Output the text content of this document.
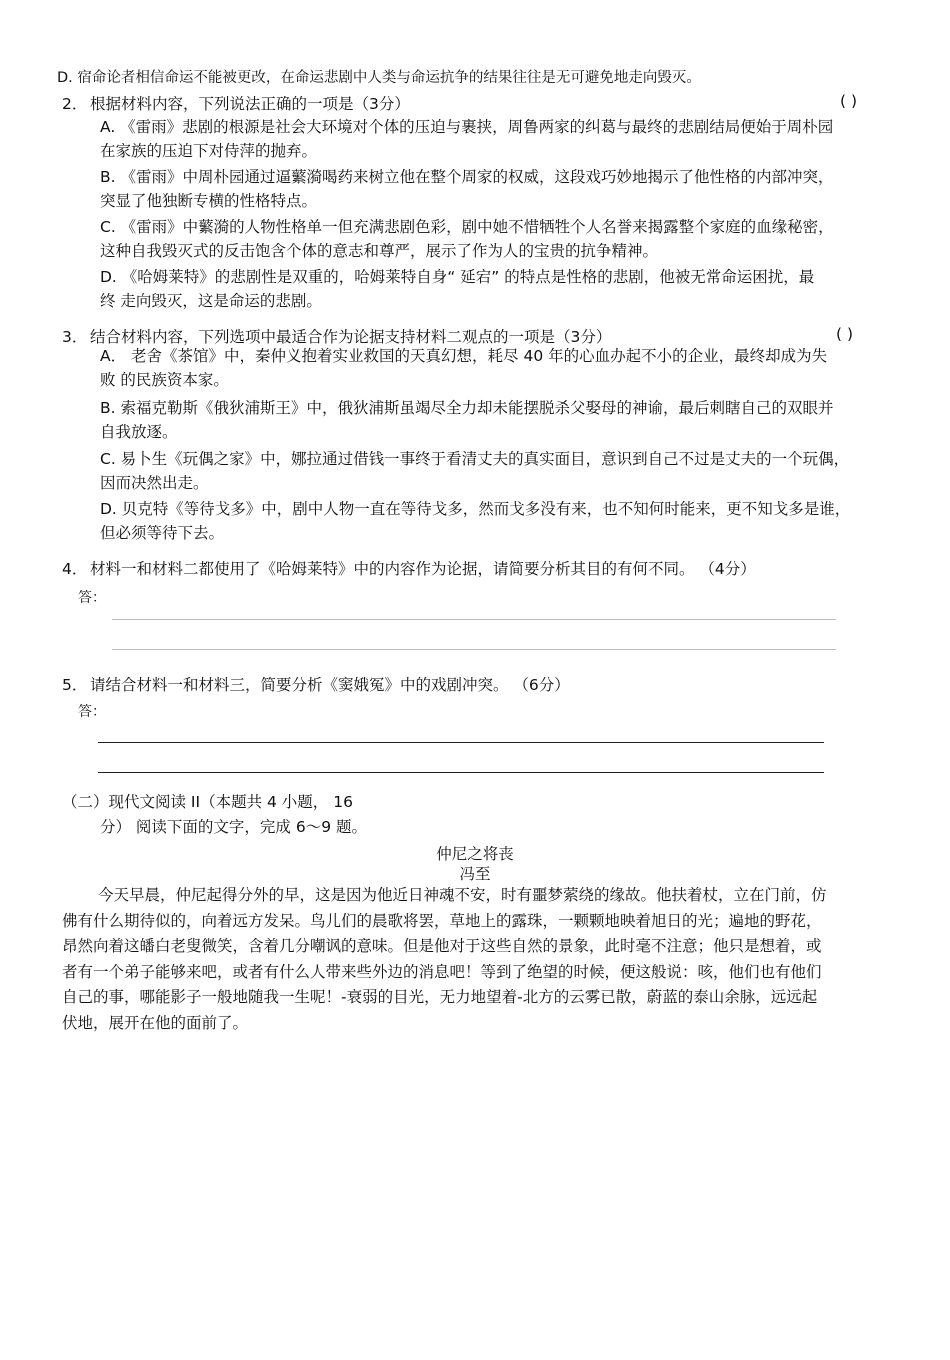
D. 宿命论者相信命运不能被更改，在命运悲剧中人类与命运抗争的结果往往是无可避免地走向毁灭。
2． 根据材料内容，下列说法正确的一项是（3分）	( )
A. 《雷雨》悲剧的根源是社会大环境对个体的压迫与裹挟，周鲁两家的纠葛与最终的悲剧结局便始于周朴园
在家族的压迫下对侍萍的抛弃。
B. 《雷雨》中周朴园通过逼蘩漪喝药来树立他在整个周家的权威，这段戏巧妙地揭示了他性格的内部冲突，
突显了他独断专横的性格特点。
C. 《雷雨》中蘩漪的人物性格单一但充满悲剧色彩，剧中她不惜牺牲个人名誉来揭露整个家庭的血缘秘密，
这种自我毁灭式的反击饱含个体的意志和尊严，展示了作为人的宝贵的抗争精神。
D. 《哈姆莱特》的悲剧性是双重的，哈姆莱特自身“ 延宕” 的特点是性格的悲剧，他被无常命运困扰，最
终 走向毁灭，这是命运的悲剧。
3． 结合材料内容，下列选项中最适合作为论据支持材料二观点的一项是（3分）	( )
A． 老舍《茶馆》中，秦仲义抱着实业救国的天真幻想，耗尽 40 年的心血办起不小的企业，最终却成为失
败 的民族资本家。
B. 索福克勒斯《俄狄浦斯王》中，俄狄浦斯虽竭尽全力却未能摆脱杀父娶母的神谕，最后刺瞎自己的双眼并
自我放逐。
C. 易卜生《玩偶之家》中，娜拉通过借钱一事终于看清丈夫的真实面目，意识到自己不过是丈夫的一个玩偶，
因而决然出走。
D. 贝克特《等待戈多》中，剧中人物一直在等待戈多，然而戈多没有来，也不知何时能来，更不知戈多是谁，
但必须等待下去。
4． 材料一和材料二都使用了《哈姆莱特》中的内容作为论据，请简要分析其目的有何不同。 （4分）
答：
5． 请结合材料一和材料三，简要分析《窦娥冤》中的戏剧冲突。 （6分）
答：
（二）现代文阅读 II（本题共 4 小题， 16
分） 阅读下面的文字，完成 6～9 题。
仲尼之将丧
冯至
今天早晨，仲尼起得分外的早，这是因为他近日神魂不安，时有噩梦萦绕的缘故。他扶着杖，立在门前，仿
佛有什么期待似的，向着远方发呆。鸟儿们的晨歌将罢，草地上的露珠，一颗颗地映着旭日的光；遍地的野花，
昂然向着这皤白老叟微笑，含着几分嘲讽的意味。但是他对于这些自然的景象，此时毫不注意；他只是想着，或
者有一个弟子能够来吧，或者有什么人带来些外边的消息吧！等到了绝望的时候，便这般说：咳，他们也有他们
自己的事，哪能影子一般地随我一生呢！-衰弱的目光，无力地望着-北方的云雾已散，蔚蓝的泰山余脉，远远起
伏地，展开在他的面前了。
